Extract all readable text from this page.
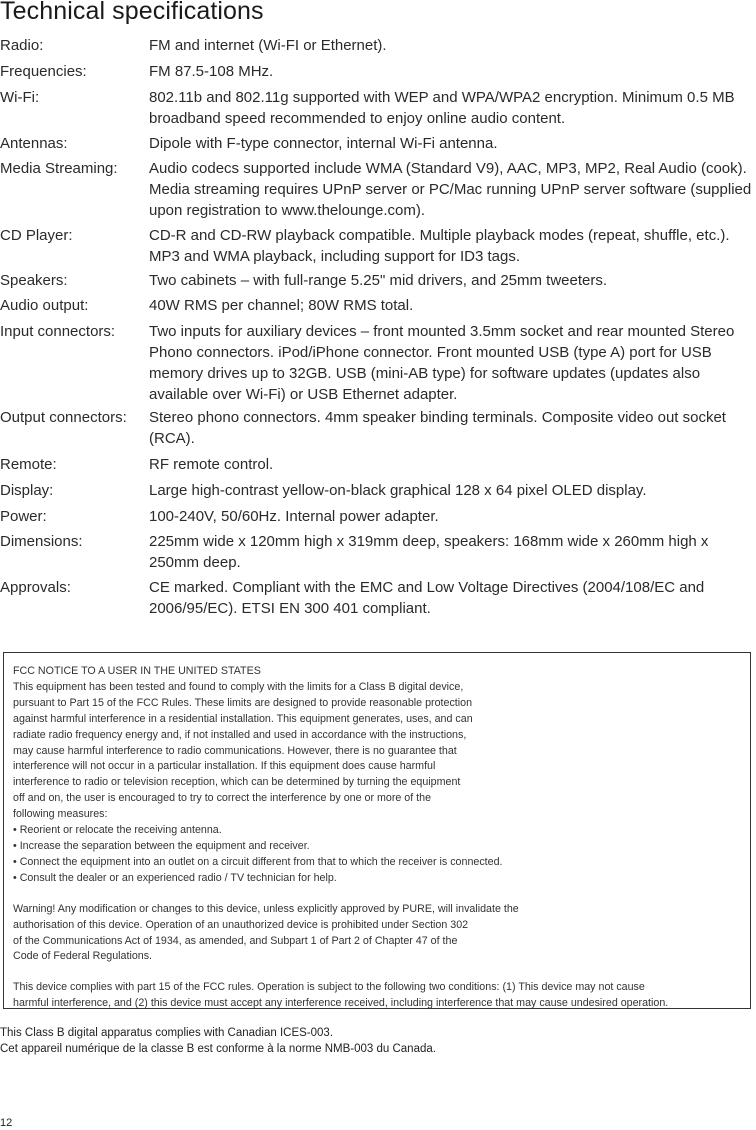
Technical specifications
Radio:	FM and internet (Wi-FI or Ethernet).
Frequencies:	FM 87.5-108 MHz.
Wi-Fi:	802.11b and 802.11g supported with WEP and WPA/WPA2 encryption. Minimum 0.5 MB broadband speed recommended to enjoy online audio content.
Antennas:	Dipole with F-type connector, internal Wi-Fi antenna.
Media Streaming: Audio codecs supported include WMA (Standard V9), AAC, MP3, MP2, Real Audio (cook). Media streaming requires UPnP server or PC/Mac running UPnP server software (supplied upon registration to www.thelounge.com).
CD Player:	CD-R and CD-RW playback compatible. Multiple playback modes (repeat, shuffle, etc.). MP3 and WMA playback, including support for ID3 tags.
Speakers:	Two cabinets – with full-range 5.25" mid drivers, and 25mm tweeters.
Audio output:	40W RMS per channel; 80W RMS total.
Input connectors: Two inputs for auxiliary devices – front mounted 3.5mm socket and rear mounted Stereo Phono connectors. iPod/iPhone connector. Front mounted USB (type A) port for USB memory drives up to 32GB. USB (mini-AB type) for software updates (updates also available over Wi-Fi) or USB Ethernet adapter.
Output connectors: Stereo phono connectors. 4mm speaker binding terminals. Composite video out socket (RCA).
Remote:	RF remote control.
Display:	Large high-contrast yellow-on-black graphical 128 x 64 pixel OLED display.
Power:	100-240V, 50/60Hz. Internal power adapter.
Dimensions:	225mm wide x 120mm high x 319mm deep, speakers: 168mm wide x 260mm high x 250mm deep.
Approvals:	CE marked. Compliant with the EMC and Low Voltage Directives (2004/108/EC and 2006/95/EC). ETSI EN 300 401 compliant.
FCC NOTICE TO A USER IN THE UNITED STATES
This equipment has been tested and found to comply with the limits for a Class B digital device,
pursuant to Part 15 of the FCC Rules. These limits are designed to provide reasonable protection
against harmful interference in a residential installation. This equipment generates, uses, and can
radiate radio frequency energy and, if not installed and used in accordance with the instructions,
may cause harmful interference to radio communications. However, there is no guarantee that
interference will not occur in a particular installation. If this equipment does cause harmful
interference to radio or television reception, which can be determined by turning the equipment
off and on, the user is encouraged to try to correct the interference by one or more of the
following measures:
• Reorient or relocate the receiving antenna.
• Increase the separation between the equipment and receiver.
• Connect the equipment into an outlet on a circuit different from that to which the receiver is connected.
• Consult the dealer or an experienced radio / TV technician for help.
Warning! Any modification or changes to this device, unless explicitly approved by PURE, will invalidate the
authorisation of this device. Operation of an unauthorized device is prohibited under Section 302
of the Communications Act of 1934, as amended, and Subpart 1 of Part 2 of Chapter 47 of the
Code of Federal Regulations.
This device complies with part 15 of the FCC rules. Operation is subject to the following two conditions: (1) This device may not cause
harmful interference, and (2) this device must accept any interference received, including interference that may cause undesired operation.
This Class B digital apparatus complies with Canadian ICES-003.
Cet appareil numérique de la classe B est conforme à la norme NMB-003 du Canada.
12
